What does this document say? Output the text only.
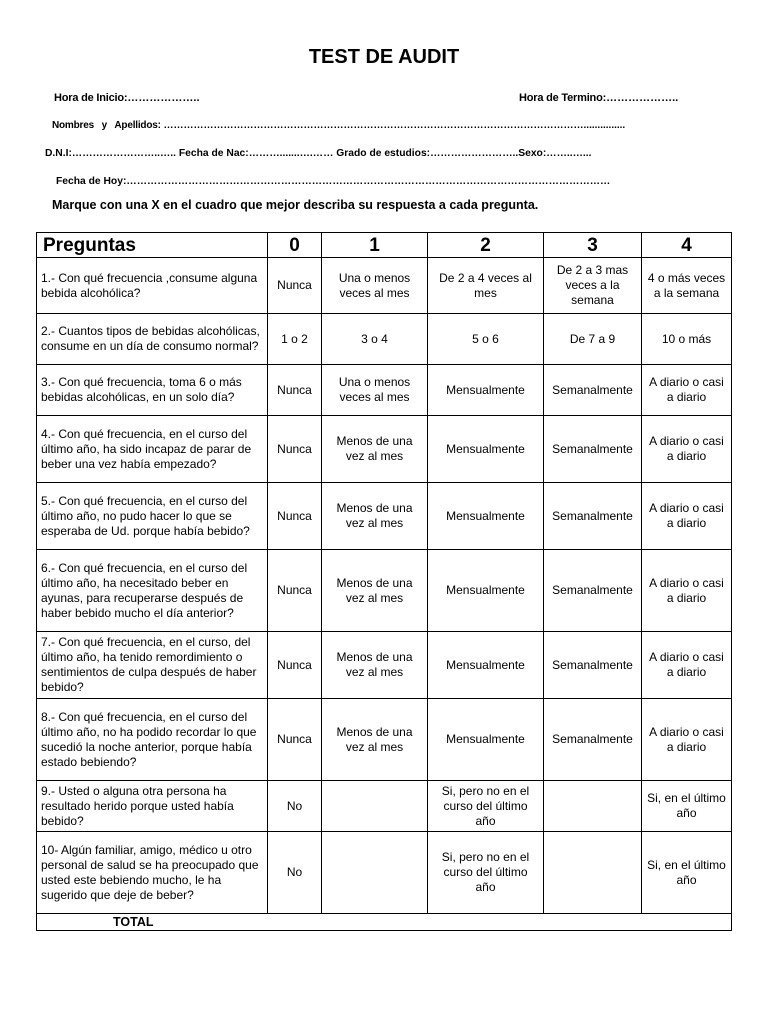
TEST DE AUDIT
Hora de Inicio:………………..	Hora de Termino:………………..
Nombres   y   Apellidos: ………………………………………………………………………………………………………………...............
D.N.I:……………………..….. Fecha de Nac:……….......….…… Grado de estudios:……………………..Sexo:……..…...
Fecha de Hoy:……………………………………………………………………………………………………………………………
Marque con una X en el cuadro que mejor describa su respuesta a cada pregunta.
Preguntas	0	1	2	3	4
1.- Con qué frecuencia ,consume alguna bebida alcohólica?	Nunca	Una o menos veces al mes	De 2 a 4 veces al mes	De 2 a 3 mas veces a la semana	4 o más veces a la semana
2.- Cuantos tipos de bebidas alcohólicas, consume en un día de consumo normal?	1 o 2	3 o 4	5 o 6	De 7 a 9	10 o más
3.- Con qué frecuencia, toma 6 o más bebidas alcohólicas, en un solo día?	Nunca	Una o menos veces al mes	Mensualmente	Semanalmente	A diario o casi a diario
4.- Con qué frecuencia, en el curso del último año, ha sido incapaz de parar de beber una vez había empezado?	Nunca	Menos de una vez al mes	Mensualmente	Semanalmente	A diario o casi a diario
5.- Con qué frecuencia, en el curso del último año, no pudo hacer lo que se esperaba de Ud. porque había bebido?	Nunca	Menos de una vez al mes	Mensualmente	Semanalmente	A diario o casi a diario
6.- Con qué frecuencia, en el curso del último año, ha necesitado beber en ayunas, para recuperarse después de haber bebido mucho el día anterior?	Nunca	Menos de una vez al mes	Mensualmente	Semanalmente	A diario o casi a diario
7.- Con qué frecuencia, en el curso, del último año, ha tenido remordimiento o sentimientos de culpa después de haber bebido?	Nunca	Menos de una vez al mes	Mensualmente	Semanalmente	A diario o casi a diario
8.- Con qué frecuencia, en el curso del último año, no ha podido recordar lo que sucedió la noche anterior, porque había estado bebiendo?	Nunca	Menos de una vez al mes	Mensualmente	Semanalmente	A diario o casi a diario
9.- Usted o alguna otra persona ha resultado herido porque usted había bebido?	No		Si, pero no en el curso del último año		Si, en el último año
10- Algún familiar, amigo, médico u otro personal de salud se ha preocupado que usted este bebiendo mucho, le ha sugerido que deje de beber?	No		Si, pero no en el curso del último año		Si, en el último año
TOTAL					
